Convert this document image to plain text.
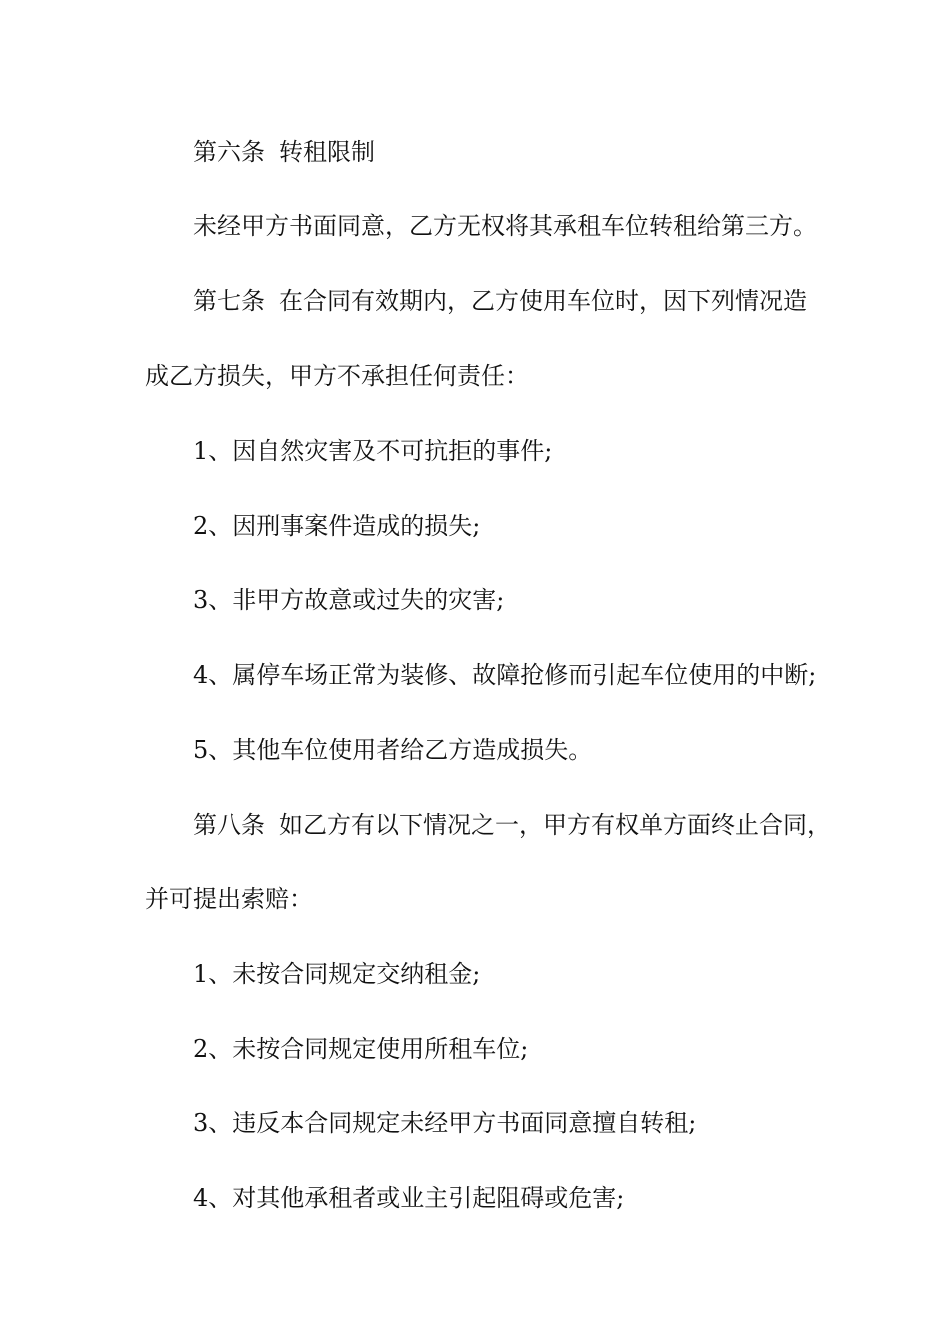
第六条 转租限制
未经甲方书面同意，乙方无权将其承租车位转租给第三方。
第七条 在合同有效期内，乙方使用车位时，因下列情况造
成乙方损失，甲方不承担任何责任：
1、因自然灾害及不可抗拒的事件;
2、因刑事案件造成的损失;
3、非甲方故意或过失的灾害;
4、属停车场正常为装修、故障抢修而引起车位使用的中断;
5、其他车位使用者给乙方造成损失。
第八条 如乙方有以下情况之一，甲方有权单方面终止合同，
并可提出索赔：
1、未按合同规定交纳租金;
2、未按合同规定使用所租车位;
3、违反本合同规定未经甲方书面同意擅自转租;
4、对其他承租者或业主引起阻碍或危害;
